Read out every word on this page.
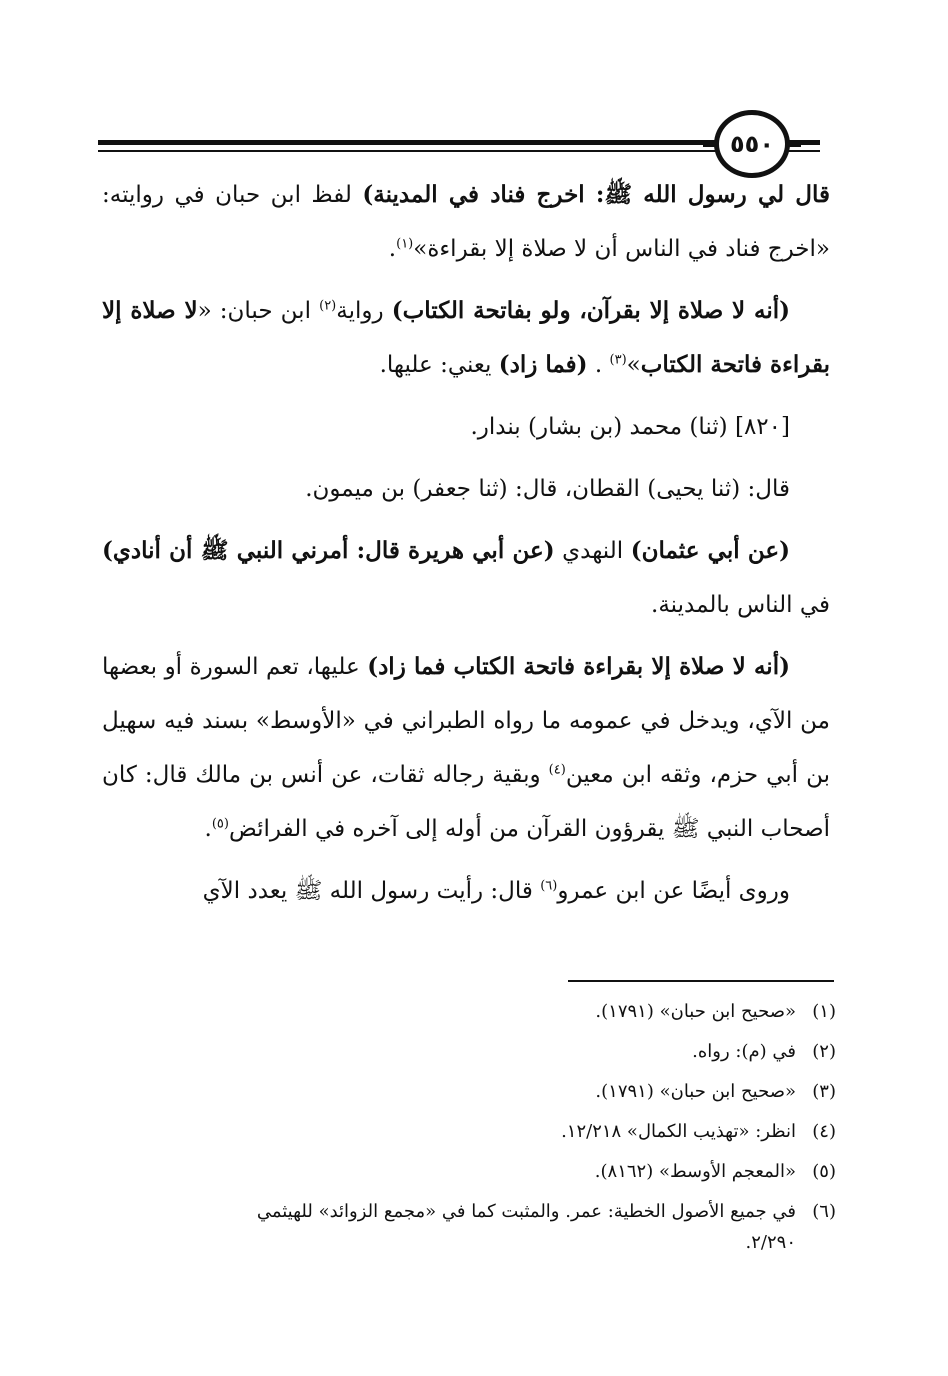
٥٥٠

قال لي رسول الله ﷺ: اخرج فناد في المدينة) لفظ ابن حبان في روايته: «اخرج فناد في الناس أن لا صلاة إلا بقراءة»$^{(١)}$.

(أنه لا صلاة إلا بقرآن، ولو بفاتحة الكتاب) رواية$^{(٢)}$ ابن حبان: «لا صلاة إلا بقراءة فاتحة الكتاب»$^{(٣)}$ . (فما زاد) يعني: عليها.

[٨٢٠] (ثنا) محمد (بن بشار) بندار.

قال: (ثنا يحيى) القطان، قال: (ثنا جعفر) بن ميمون.

(عن أبي عثمان) النهدي (عن أبي هريرة قال: أمرني النبي ﷺ أن أنادي) في الناس بالمدينة.

(أنه لا صلاة إلا بقراءة فاتحة الكتاب فما زاد) عليها، تعم السورة أو بعضها من الآي، ويدخل في عمومه ما رواه الطبراني في «الأوسط» بسند فيه سهيل بن أبي حزم، وثقه ابن معين$^{(٤)}$ وبقية رجاله ثقات، عن أنس بن مالك قال: كان أصحاب النبي ﷺ يقرؤون القرآن من أوله إلى آخره في الفرائض$^{(٥)}$.

وروى أيضًا عن ابن عمرو$^{(٦)}$ قال: رأيت رسول الله ﷺ يعدد الآي

(١)
«صحيح ابن حبان» (١٧٩١).
(٢)
في (م): رواه.
(٣)
«صحيح ابن حبان» (١٧٩١).
(٤)
انظر: «تهذيب الكمال» ١٢/٢١٨.
(٥)
«المعجم الأوسط» (٨١٦٢).
(٦)
في جميع الأصول الخطية: عمر. والمثبت كما في «مجمع الزوائد» للهيثمي
٢/٢٩٠.
